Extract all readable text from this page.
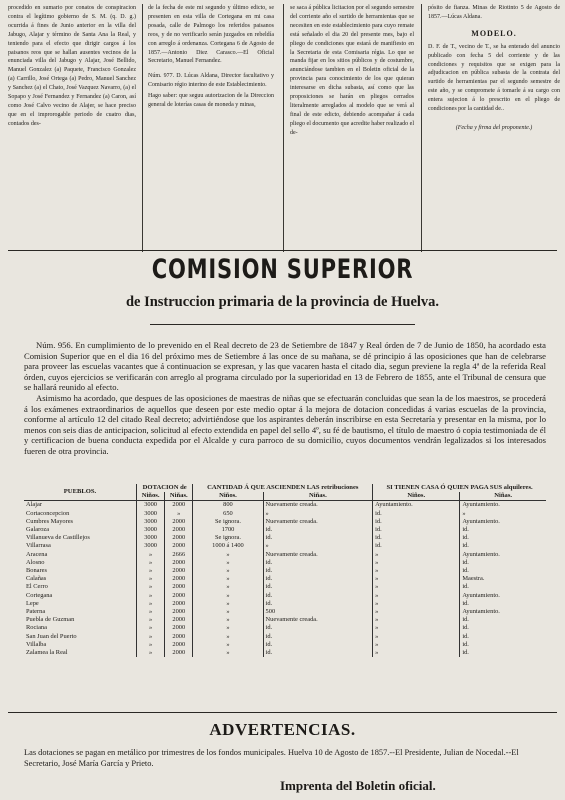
procedido en sumario por conatos de conspiracion contra el legítimo gobierno de S. M. (q. D. g.) ocurrida á fines de Junio anterior en la villa del Jabugo, Alajar y término de Santa Ana la Real, y teniendo para el efecto que dirigir cargos á los paisanos reos que se hallan ausentes vecinos de la enunciada villa del Jabugo y Alajar, José Bellido, Manuel Gonzalez (a) Paquete, Francisco Gonzalez (a) Carrillo, José Ortega (a) Pedro, Manuel Sanchez y Sanchez (a) el Chato, José Vazquez Navarro, (a) el Sopapo y José Fernandez y Fernandez (a) Caron, así como José Calvo vecino de Alajer, se hace preciso que en el improrogable periodo de cuatro dias, contados des-

de la fecha de este mi segundo y último edicto, se presenten en esta villa de Cortegana en mi casa posada, calle de Palmogo los referidos paisanos reos, y de no verificarlo serán juzgados en rebeldía con arreglo á ordenanza. Cortegana 6 de Agosto de 1857.—Antonio Diez Carasco.—El Oficial Secretario, Manuel Fernandez.

Núm. 977. D. Lúcas Aldana, Director facultativo y Comisario régio interino de este Establecimiento.

Hago saber: que seguu autorizacion de la Direccion general de loterías casas de moneda y minas,

se saca á pública licitacion por el segundo semestre del corriente año el surtido de herramientas que se necesiten en este establecimiento para cuyo remate está señalado el dia 20 del presente mes, bajo el pliego de condiciones que estará de manifiesto en la Secretaria de esta Comisaria régia. Lo que se manda fijar en los sitios públicos y de costumbre, anunciándose tambien en el Boletin oficial de la provincia para conocimiento de los que quieran interesarse en dicha subasta, así como que las proposiciones se harán en pliegos cerrados literalmente arreglados al modelo que se verá al final de este edicto, debiendo acompañar á cada pliego el documento que acredite haber realizado el de-

pósito de fianza. Minas de Riotinto 5 de Agosto de 1857.—Lúcas Aldana.

MODELO.

D. F. de T., vecino de T., se ha enterado del anuncio publicado con fecha 5 del corriente y de las condiciones y requisitos que se exigen para la adjudicacion en pública subasta de la contrata del surtido de herramientas par el segundo semestre de este año, y se compromete á tomarle á su cargo con entera sujecion á lo prescrito en el pliego de condiciones por la cantidad de..

(Fecha y firma del proponente.)
COMISION SUPERIOR
de Instruccion primaria de la provincia de Huelva.

Núm. 956. En cumplimiento de lo prevenido en el Real decreto de 23 de Setiembre de 1847 y Real órden de 7 de Junio de 1850, ha acordado esta Comision Superior que en el dia 16 del próximo mes de Setiembre á las once de su mañana, se dé principio á las oposiciones que han de celebrarse para proveer las escuelas vacantes que á continuacion se expresan, y las que vacaren hasta el citado dia, segun previene la regla 4ª de la referida Real órden, cuyos ejercicios se verificarán con arreglo al programa circulado por la superioridad en 13 de Febrero de 1855, ante el Tribunal de censura que se hallará reunido al efecto.

Asimismo ha acordado, que despues de las oposiciones de maestras de niñas que se efectuarán concluidas que sean la de los maestros, se procederá á los exámenes extraordinarios de aquellos que deseen por este medio optar á la mejora de dotacion concedidas á varias escuelas de la provincia, conforme al artículo 12 del citado Real decreto; advirtiéndose que los aspirantes deberán inscribirse en esta Secretaría y presentar en la misma, por lo menos con seis dias de anticipacion, solicitud al efecto extendida en papel del sello 4º, su fé de bautismo, el título de maestro ó copia testimoniada de él y certificacion de buena conducta expedida por el Alcalde y cura parroco de su domicilio, cuyos documentos vendrán legalizados si los interesados fueren de otra provincia.

PUEBLOS.	DOTACION de		CANTIDAD Á QUE ASCIENDEN LAS retribuciones		SI TIENEN CASA Ó QUIEN PAGA SUS alquileres.	
	Niños.	Niñas.	Niños.	Niñas.	Niños.	Niñas.
Alajar	3000	2000	800	Nuevamente creada.	Ayuntamiento.	Ayuntamiento.
Cortaconcepcion	3000	»	650	»	id.	»
Cumbres Mayores	3000	2000	Se ignora.	Nuevamente creada.	id.	Ayuntamiento.
Galaroza	3000	2000	1700	id.	id.	id.
Villanueva de Castillejos	3000	2000	Se ignora.	id.	id.	id.
Villarrasa	3000	2000	1000 á 1400	»	id.	id.
Aracena	»	2666	»	Nuevamente creada.	»	Ayuntamiento.
Alosno	»	2000	»	id.	»	id.
Bonares	»	2000	»	id.	»	id.
Calañas	»	2000	»	id.	»	Maestra.
El Cerro	»	2000	»	id.	»	id.
Cortegana	»	2000	»	id.	»	Ayuntamiento.
Lepe	»	2000	»	id.	»	id.
Paterna	»	2000	»	500	»	Ayuntamiento.
Puebla de Guzman	»	2000	»	Nuevamente creada.	»	id.
Rociana	»	2000	»	id.	»	id.
San Juan del Puerto	»	2000	»	id.	»	id.
Villalba	»	2000	»	id.	»	id.
Zalamea la Real	»	2000	»	id.	»	id.
ADVERTENCIAS.
Las dotaciones se pagan en metálico por trimestres de los fondos municipales. Huelva 10 de Agosto de 1857.--El Presidente, Julian de Nocedal.--El Secretario, José María García y Prieto.
Imprenta del Boletin oficial.
